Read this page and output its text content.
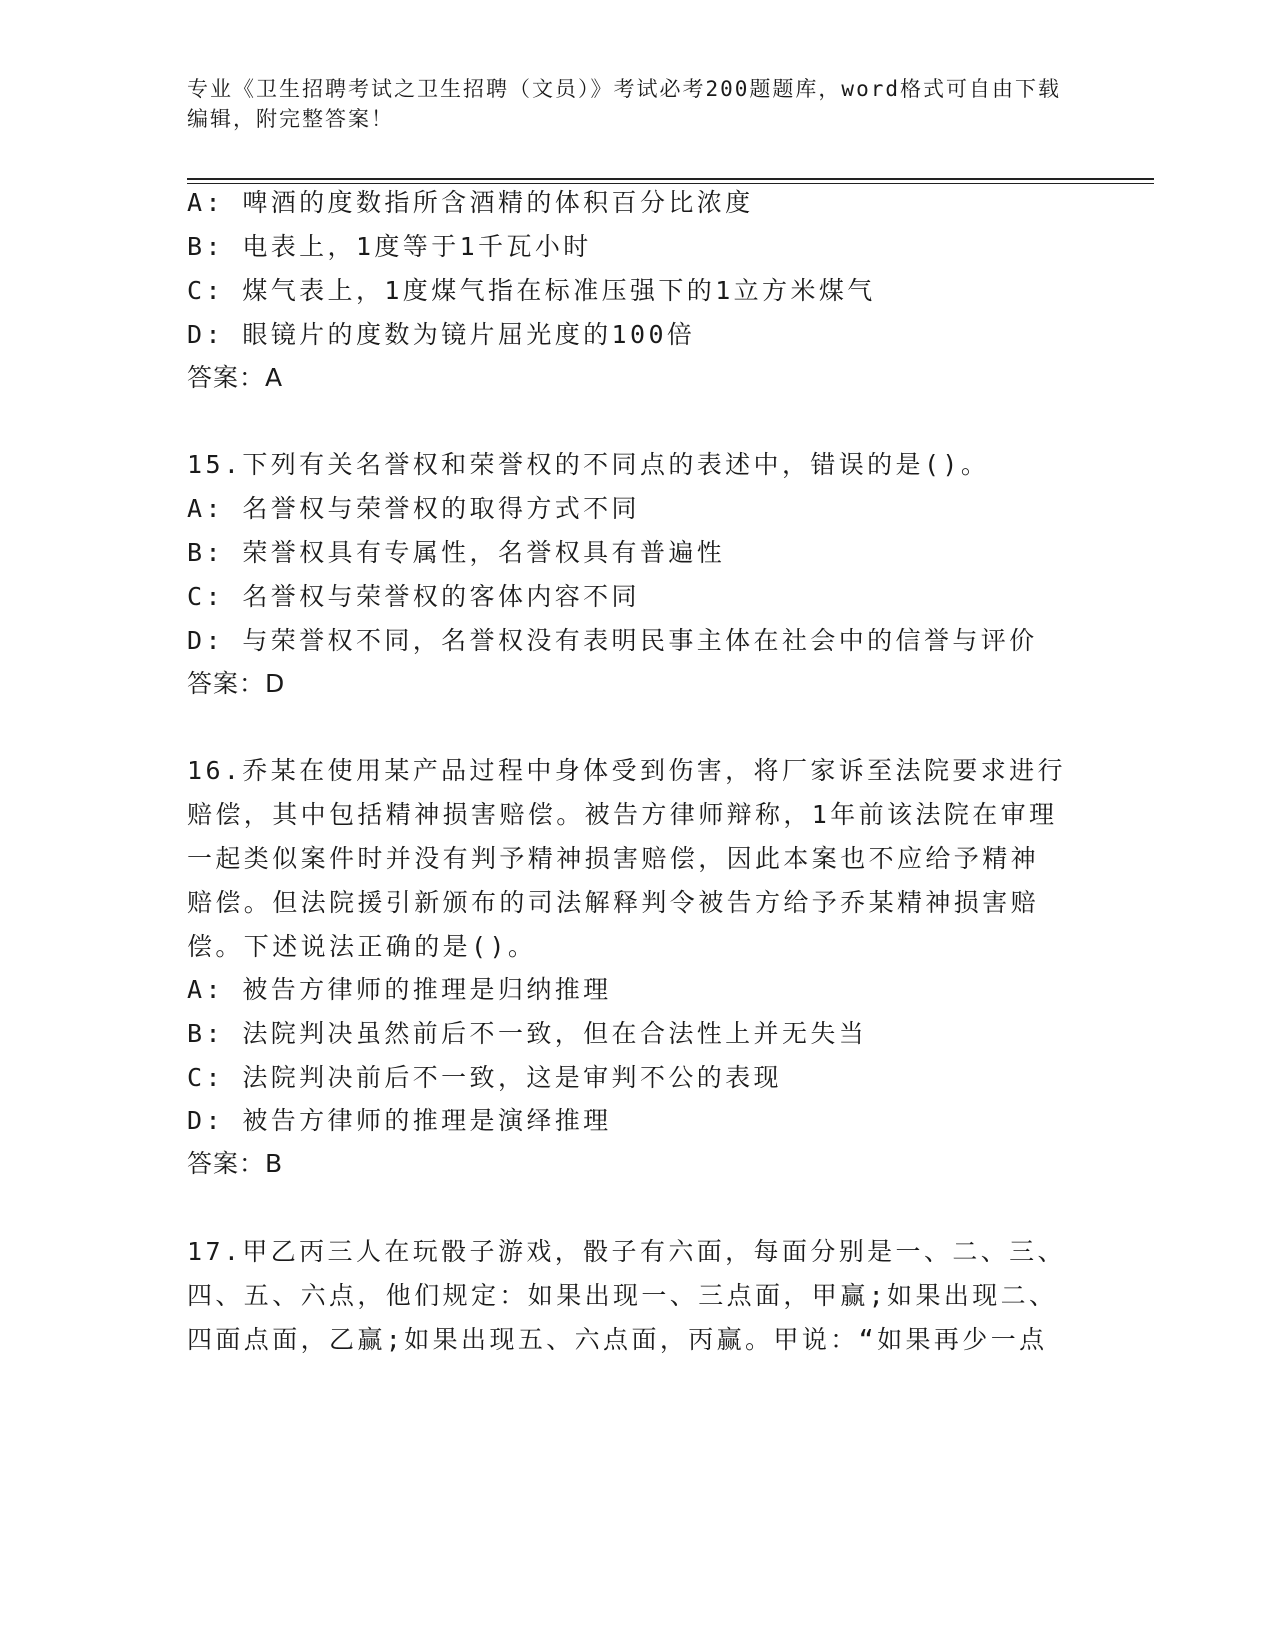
专业《卫生招聘考试之卫生招聘（文员）》考试必考200题题库，word格式可自由下载编辑，附完整答案！
A: 啤酒的度数指所含酒精的体积百分比浓度
B: 电表上，1度等于1千瓦小时
C: 煤气表上，1度煤气指在标准压强下的1立方米煤气
D: 眼镜片的度数为镜片屈光度的100倍
答案：A
15.下列有关名誉权和荣誉权的不同点的表述中，错误的是()。
A: 名誉权与荣誉权的取得方式不同
B: 荣誉权具有专属性，名誉权具有普遍性
C: 名誉权与荣誉权的客体内容不同
D: 与荣誉权不同，名誉权没有表明民事主体在社会中的信誉与评价
答案：D
16.乔某在使用某产品过程中身体受到伤害，将厂家诉至法院要求进行
赔偿，其中包括精神损害赔偿。被告方律师辩称，1年前该法院在审理
一起类似案件时并没有判予精神损害赔偿，因此本案也不应给予精神
赔偿。但法院援引新颁布的司法解释判令被告方给予乔某精神损害赔
偿。下述说法正确的是()。
A: 被告方律师的推理是归纳推理
B: 法院判决虽然前后不一致，但在合法性上并无失当
C: 法院判决前后不一致，这是审判不公的表现
D: 被告方律师的推理是演绎推理
答案：B
17.甲乙丙三人在玩骰子游戏，骰子有六面，每面分别是一、二、三、
四、五、六点，他们规定：如果出现一、三点面，甲赢;如果出现二、
四面点面，乙赢;如果出现五、六点面，丙赢。甲说：“如果再少一点
